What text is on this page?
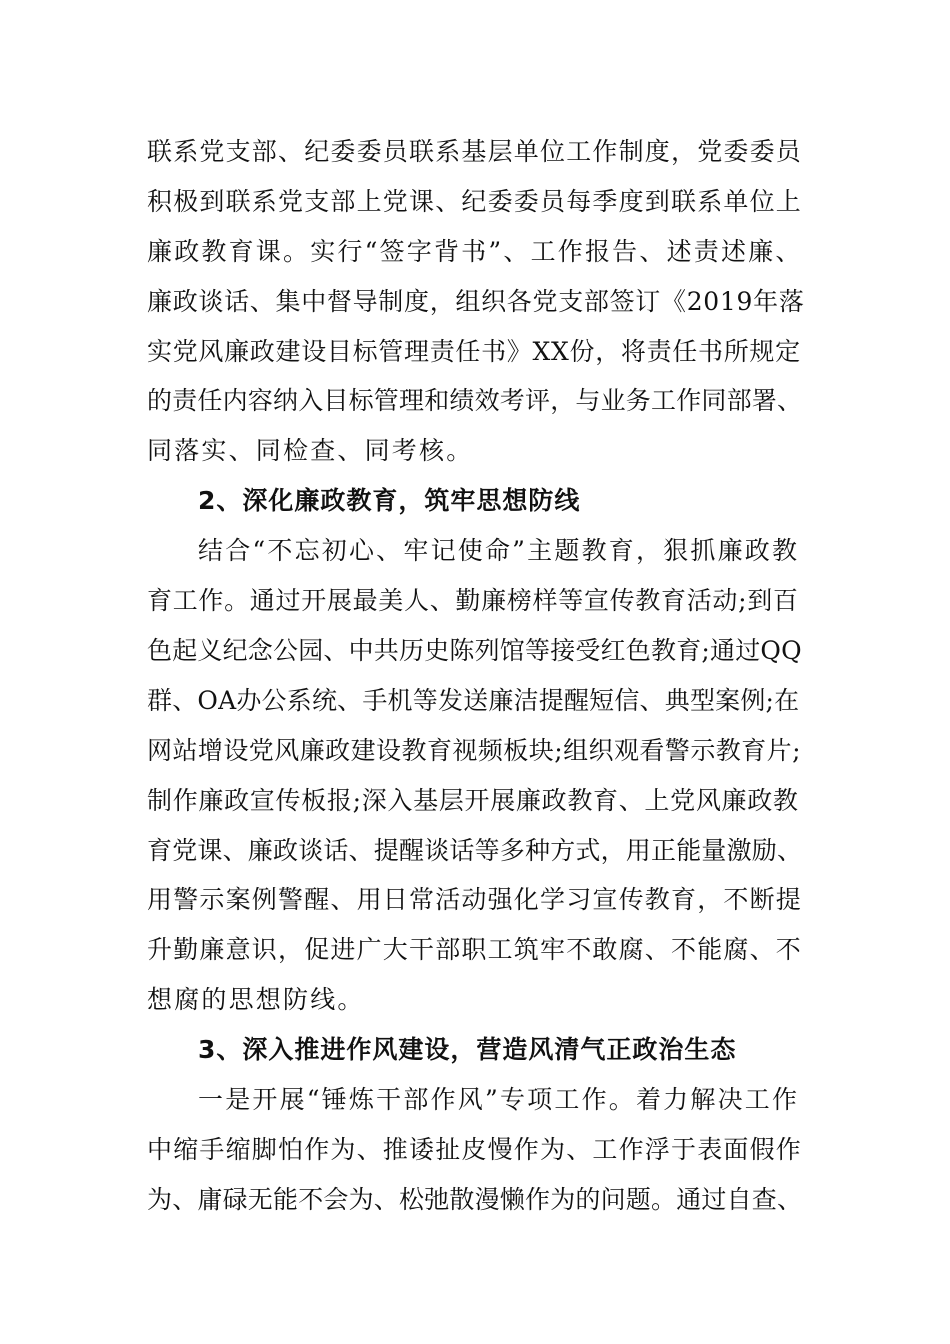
联系党支部、纪委委员联系基层单位工作制度，党委委员
积极到联系党支部上党课、纪委委员每季度到联系单位上
廉政教育课。实行“签字背书”、工作报告、述责述廉、
廉政谈话、集中督导制度，组织各党支部签订《2019年落
实党风廉政建设目标管理责任书》XX份，将责任书所规定
的责任内容纳入目标管理和绩效考评，与业务工作同部署、
同落实、同检查、同考核。
2、深化廉政教育，筑牢思想防线
结合“不忘初心、牢记使命”主题教育，狠抓廉政教
育工作。通过开展最美人、勤廉榜样等宣传教育活动;到百
色起义纪念公园、中共历史陈列馆等接受红色教育;通过QQ
群、OA办公系统、手机等发送廉洁提醒短信、典型案例;在
网站增设党风廉政建设教育视频板块;组织观看警示教育片;
制作廉政宣传板报;深入基层开展廉政教育、上党风廉政教
育党课、廉政谈话、提醒谈话等多种方式，用正能量激励、
用警示案例警醒、用日常活动强化学习宣传教育，不断提
升勤廉意识，促进广大干部职工筑牢不敢腐、不能腐、不
想腐的思想防线。
3、深入推进作风建设，营造风清气正政治生态
一是开展“锤炼干部作风”专项工作。着力解决工作
中缩手缩脚怕作为、推诿扯皮慢作为、工作浮于表面假作
为、庸碌无能不会为、松弛散漫懒作为的问题。通过自查、
